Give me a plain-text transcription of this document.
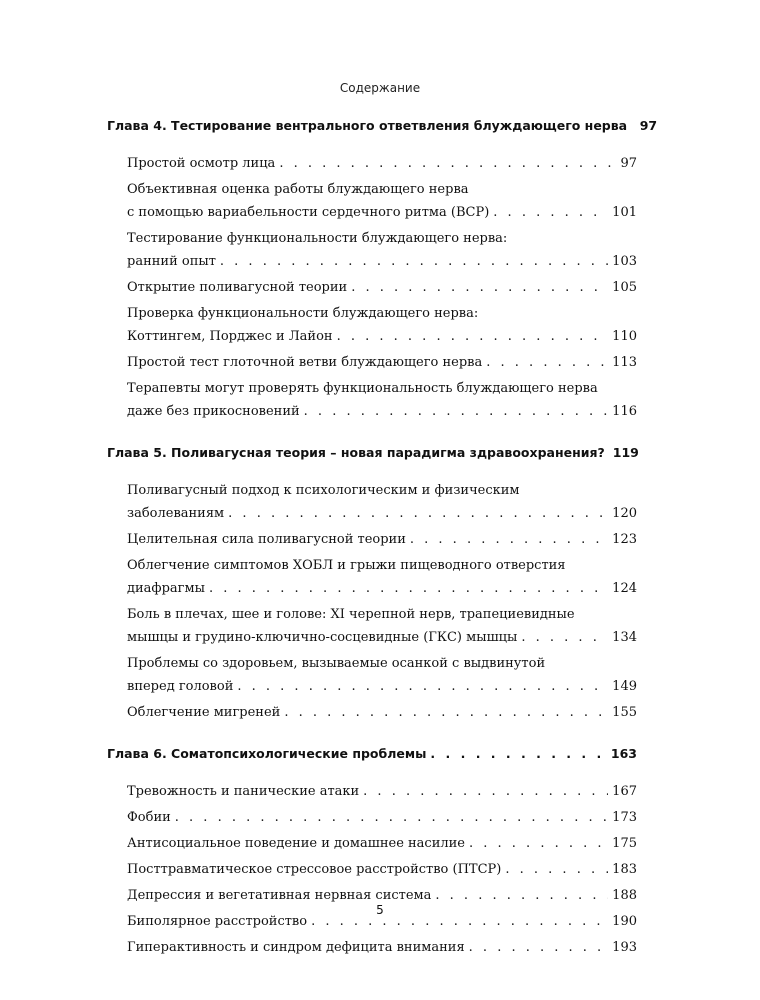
Содержание
Глава 4. Тестирование вентрального ответвления блуждающего нерва	97
Простой осмотр лица . . .	97
Объективная оценка работы блуждающего нерва
с помощью вариабельности сердечного ритма (ВСР) . . .	101
Тестирование функциональности блуждающего нерва:
ранний опыт . . .	103
Открытие поливагусной теории . . .	105
Проверка функциональности блуждающего нерва:
Коттингем, Порджес и Лайон . . .	110
Простой тест глоточной ветви блуждающего нерва . . .	113
Терапевты могут проверять функциональность блуждающего нерва
даже без прикосновений . . .	116
Глава 5. Поливагусная теория – новая парадигма здравоохранения? 119
Поливагусный подход к психологическим и физическим
заболеваниям . . .	120
Целительная сила поливагусной теории . . .	123
Облегчение симптомов ХОБЛ и грыжи пищеводного отверстия
диафрагмы . . .	124
Боль в плечах, шее и голове: XI черепной нерв, трапециевидные
мышцы и грудино-ключично-сосцевидные (ГКС) мышцы . . .	134
Проблемы со здоровьем, вызываемые осанкой с выдвинутой
вперед головой . . .	149
Облегчение мигреней . . .	155
Глава 6. Соматопсихологические проблемы . . .	163
Тревожность и панические атаки . . .	167
Фобии . . .	173
Антисоциальное поведение и домашнее насилие . . .	175
Посттравматическое стрессовое расстройство (ПТСР) . . .	183
Депрессия и вегетативная нервная система . . .	188
Биполярное расстройство . . .	190
Гиперактивность и синдром дефицита внимания . . .	193
5
